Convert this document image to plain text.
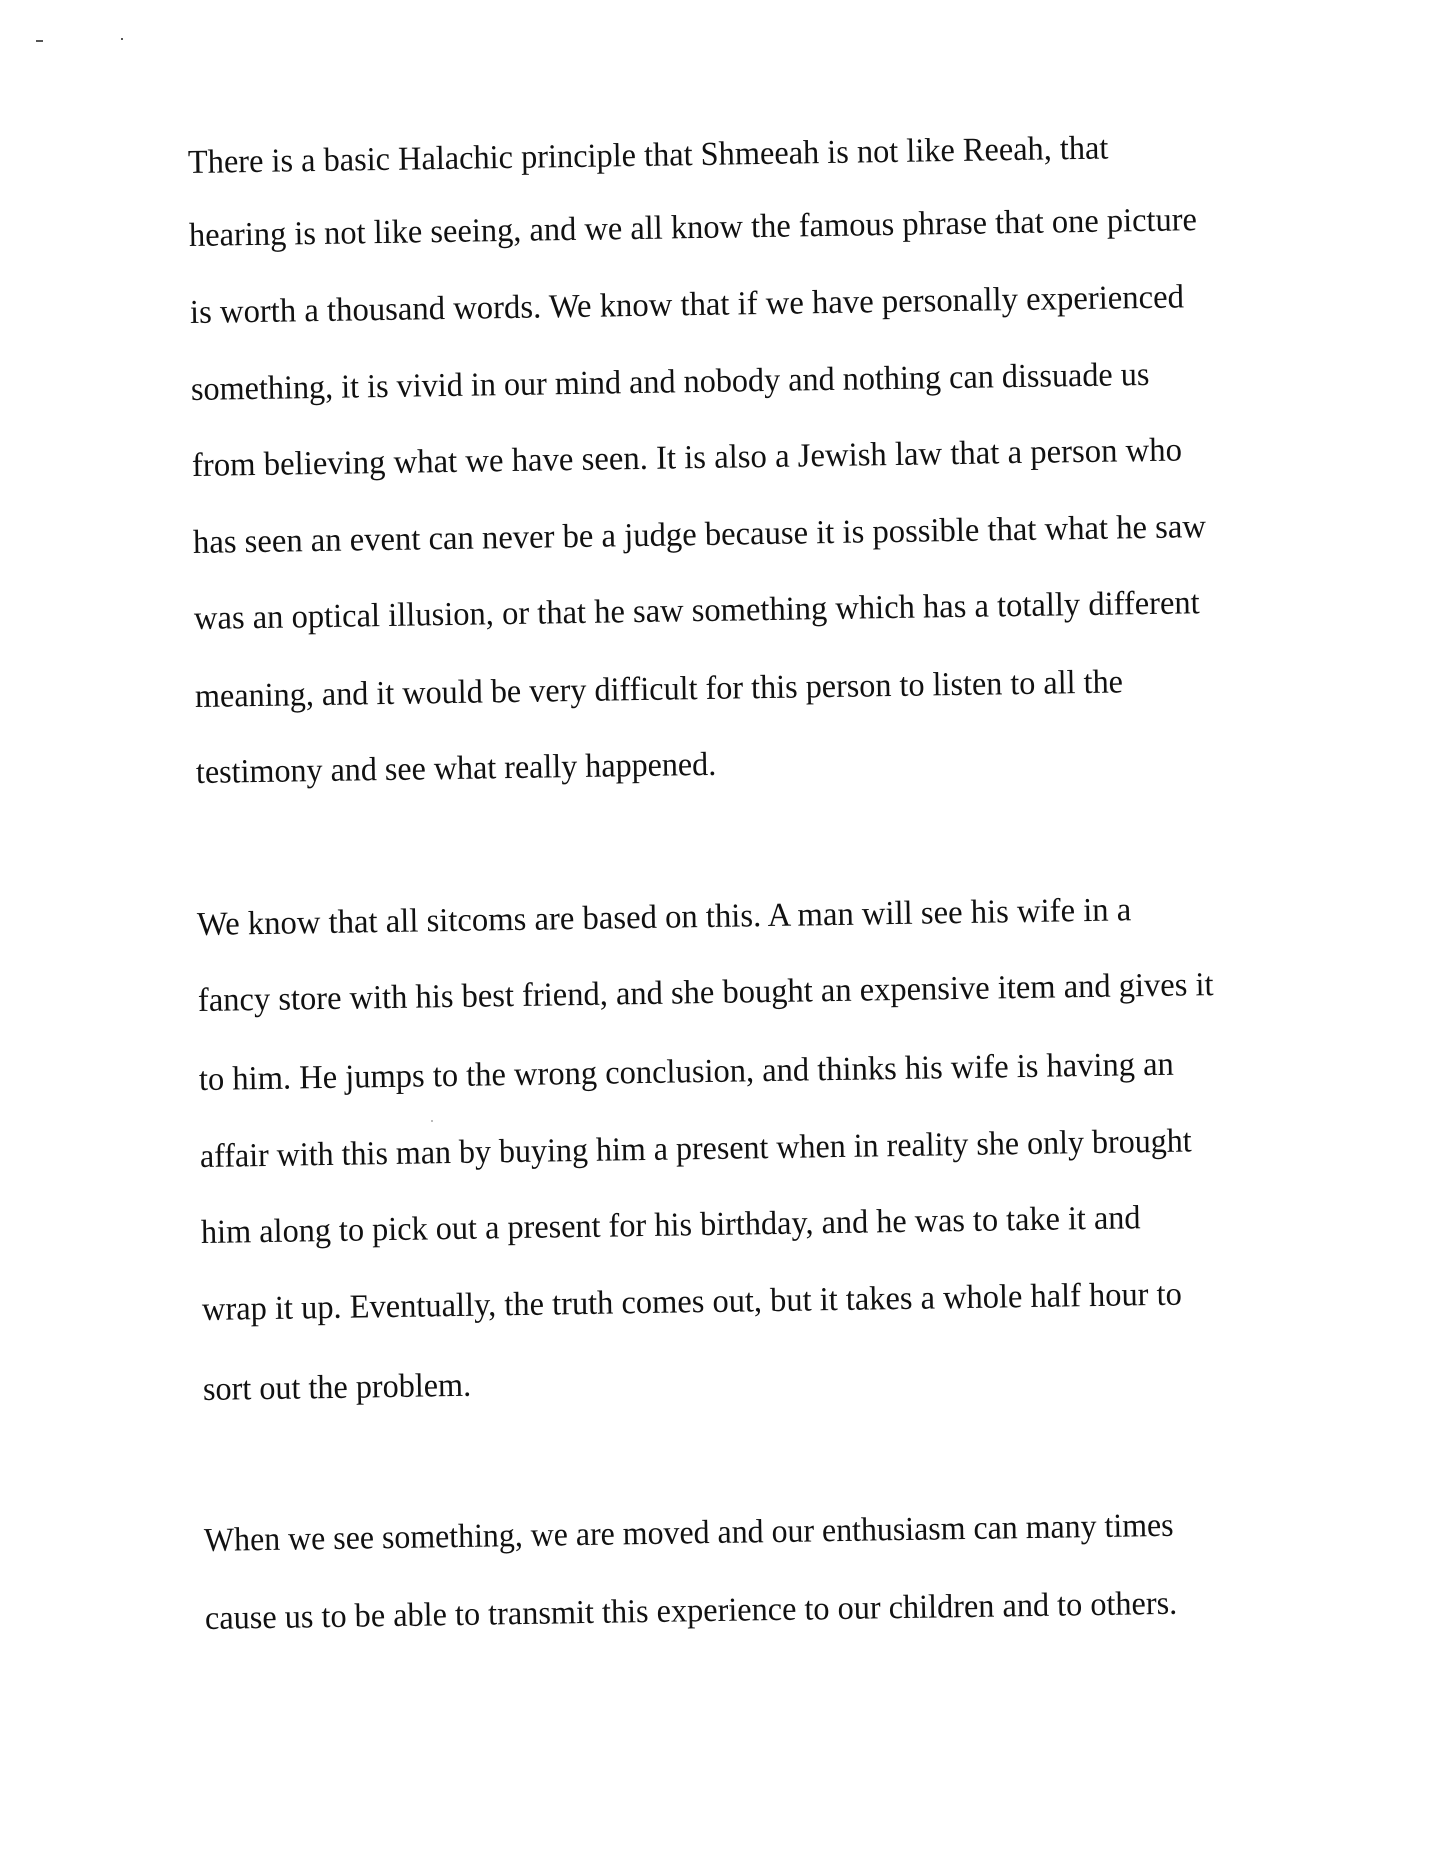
There is a basic Halachic principle that Shmeeah is not like Reeah, that
hearing is not like seeing, and we all know the famous phrase that one picture
is worth a thousand words. We know that if we have personally experienced
something, it is vivid in our mind and nobody and nothing can dissuade us
from believing what we have seen. It is also a Jewish law that a person who
has seen an event can never be a judge because it is possible that what he saw
was an optical illusion, or that he saw something which has a totally different
meaning, and it would be very difficult for this person to listen to all the
testimony and see what really happened.
We know that all sitcoms are based on this. A man will see his wife in a
fancy store with his best friend, and she bought an expensive item and gives it
to him. He jumps to the wrong conclusion, and thinks his wife is having an
affair with this man by buying him a present when in reality she only brought
him along to pick out a present for his birthday, and he was to take it and
wrap it up. Eventually, the truth comes out, but it takes a whole half hour to
sort out the problem.
When we see something, we are moved and our enthusiasm can many times
cause us to be able to transmit this experience to our children and to others.
